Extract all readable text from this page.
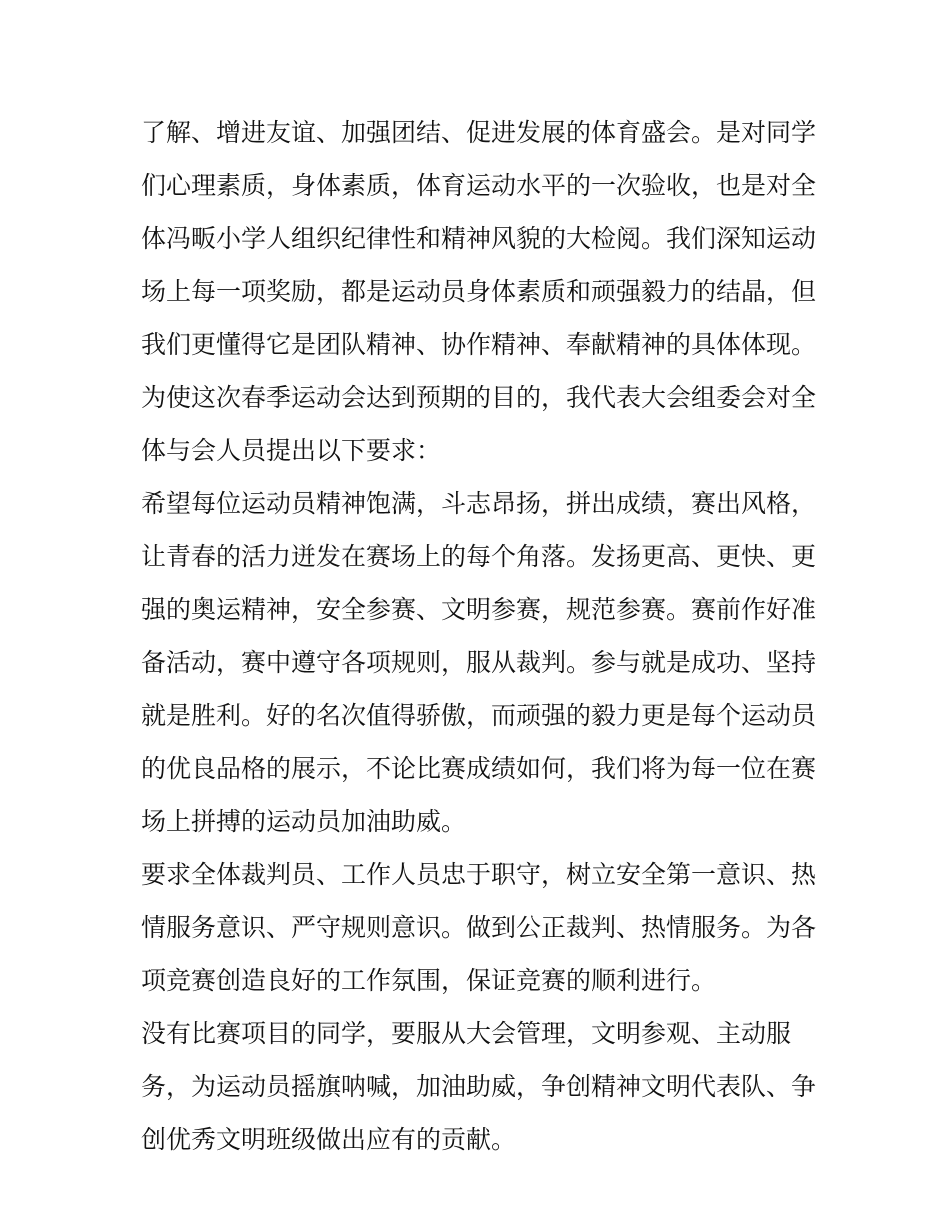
了解、增进友谊、加强团结、促进发展的体育盛会。是对同学
们心理素质，身体素质，体育运动水平的一次验收，也是对全
体冯畈小学人组织纪律性和精神风貌的大检阅。我们深知运动
场上每一项奖励，都是运动员身体素质和顽强毅力的结晶，但
我们更懂得它是团队精神、协作精神、奉献精神的具体体现。
为使这次春季运动会达到预期的目的，我代表大会组委会对全
体与会人员提出以下要求：
希望每位运动员精神饱满，斗志昂扬，拼出成绩，赛出风格，
让青春的活力迸发在赛场上的每个角落。发扬更高、更快、更
强的奥运精神，安全参赛、文明参赛，规范参赛。赛前作好准
备活动，赛中遵守各项规则，服从裁判。参与就是成功、坚持
就是胜利。好的名次值得骄傲，而顽强的毅力更是每个运动员
的优良品格的展示，不论比赛成绩如何，我们将为每一位在赛
场上拼搏的运动员加油助威。
要求全体裁判员、工作人员忠于职守，树立安全第一意识、热
情服务意识、严守规则意识。做到公正裁判、热情服务。为各
项竞赛创造良好的工作氛围，保证竞赛的顺利进行。
没有比赛项目的同学，要服从大会管理，文明参观、主动服
务，为运动员摇旗呐喊，加油助威，争创精神文明代表队、争
创优秀文明班级做出应有的贡献。
